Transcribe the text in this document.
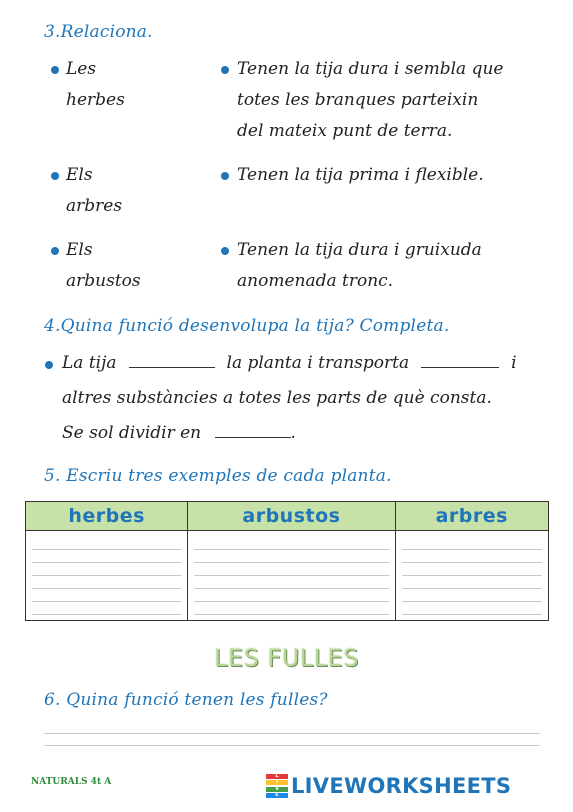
3.Relaciona.
Les
herbes
Els
arbres
Els
arbustos
Tenen la tija dura i sembla que
totes les branques parteixin
del mateix punt de terra.
Tenen la tija prima i flexible.
Tenen la tija dura i gruixuda
anomenada tronc.
4.Quina funció desenvolupa la tija? Completa.
La tija	la planta i transporta	i
altres substàncies a totes les parts de què consta.
Se sol dividir en	.
5. Escriu tres exemples de cada planta.
herbes	arbustos	arbres

LES FULLES
6. Quina funció tenen les fulles?
NATURALS 4t A
L
I
V
E LIVEWORKSHEETS
